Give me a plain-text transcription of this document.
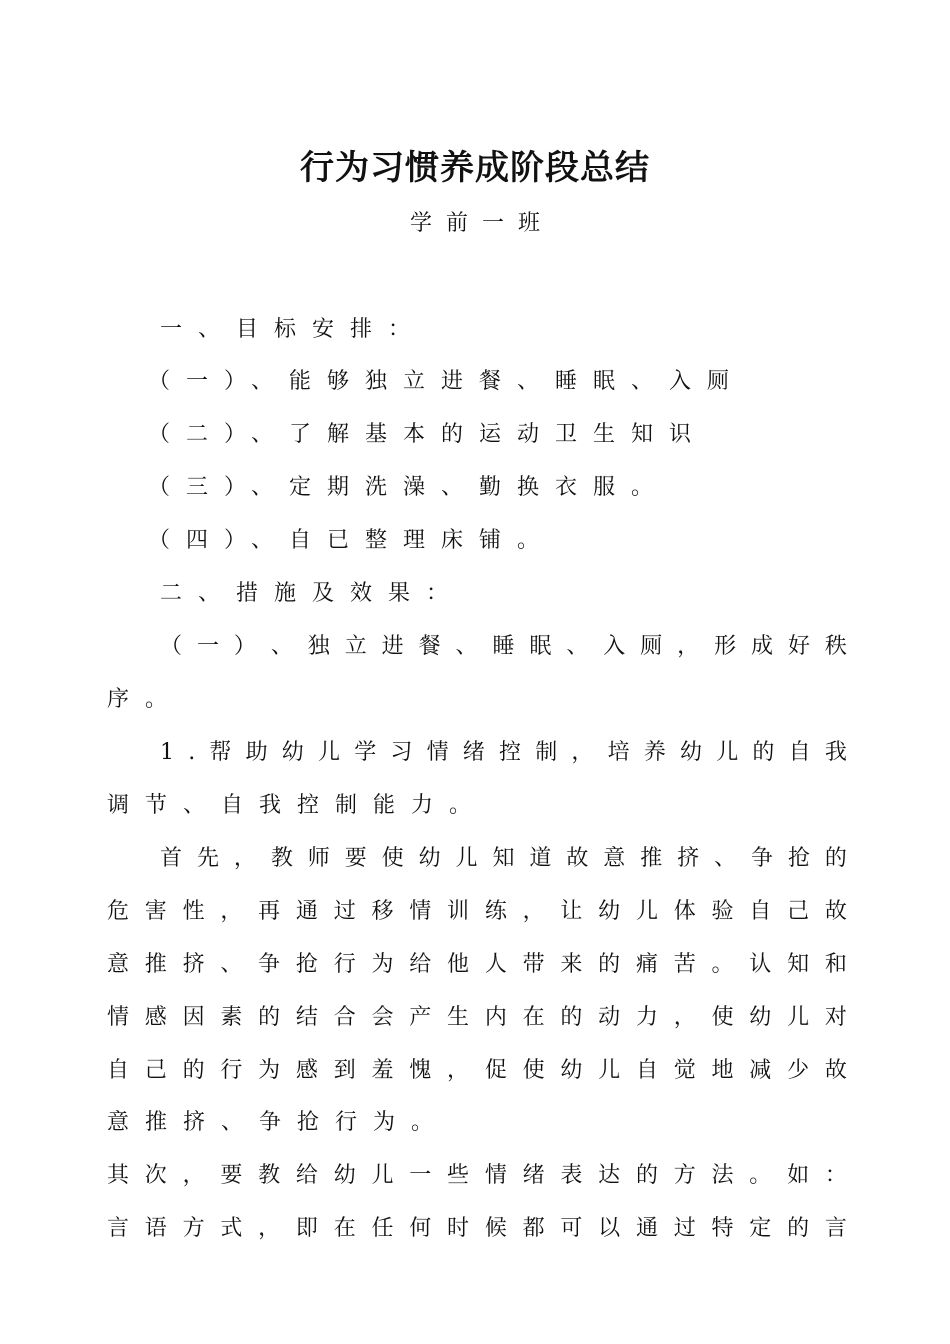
行为习惯养成阶段总结
学前一班
一、目标安排：
（一）、能够独立进餐、睡眠、入厕
（二）、了解基本的运动卫生知识
（三）、定期洗澡、勤换衣服。
（四）、自已整理床铺。
二、措施及效果：
（ 一 ） 、 独 立 进 餐 、 睡 眠 、 入 厕 ， 形 成 好 秩
序。
1 . 帮 助 幼 儿 学 习 情 绪 控 制 ， 培 养 幼 儿 的 自 我
调节、自我控制能力。
首 先 ， 教 师 要 使 幼 儿 知 道 故 意 推 挤 、 争 抢 的
危 害 性 ， 再 通 过 移 情 训 练 ， 让 幼 儿 体 验 自 己 故
意 推 挤 、 争 抢 行 为 给 他 人 带 来 的 痛 苦 。 认 知 和
情 感 因 素 的 结 合 会 产 生 内 在 的 动 力 ， 使 幼 儿 对
自 己 的 行 为 感 到 羞 愧 ， 促 使 幼 儿 自 觉 地 减 少 故
意推挤、争抢行为。
其 次 ， 要 教 给 幼 儿 一 些 情 绪 表 达 的 方 法 。 如 ：
言 语 方 式 ， 即 在 任 何 时 候 都 可 以 通 过 特 定 的 言
